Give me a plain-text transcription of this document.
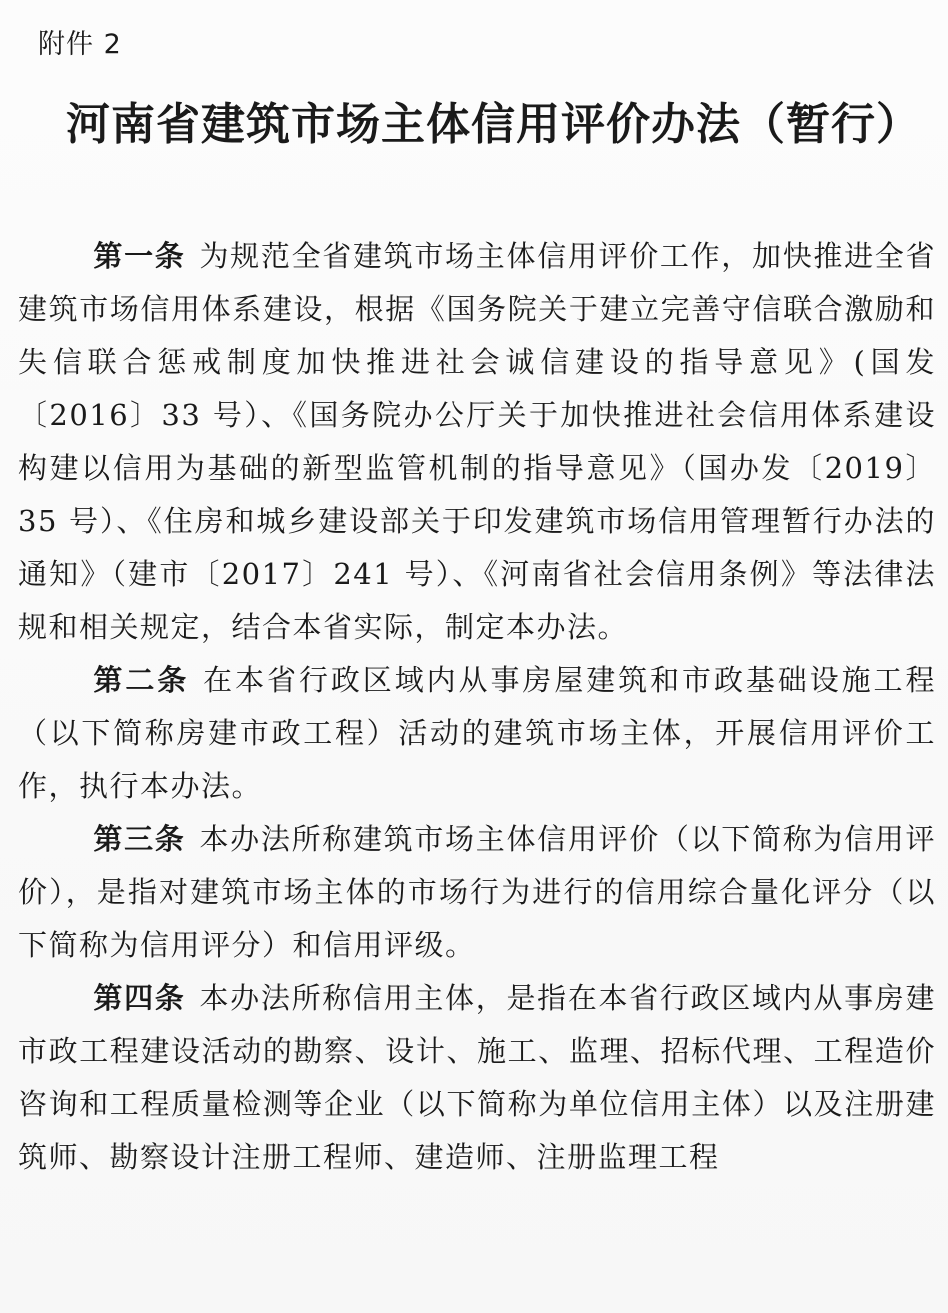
附件 2
河南省建筑市场主体信用评价办法（暂行）

第一条 为规范全省建筑市场主体信用评价工作，加快推进全省建筑市场信用体系建设，根据《国务院关于建立完善守信联合激励和失信联合惩戒制度加快推进社会诚信建设的指导意见》(国发〔2016〕33 号）、《国务院办公厅关于加快推进社会信用体系建设构建以信用为基础的新型监管机制的指导意见》（国办发〔2019〕35 号）、《住房和城乡建设部关于印发建筑市场信用管理暂行办法的通知》（建市〔2017〕241 号）、《河南省社会信用条例》等法律法规和相关规定，结合本省实际，制定本办法。

第二条 在本省行政区域内从事房屋建筑和市政基础设施工程（以下简称房建市政工程）活动的建筑市场主体，开展信用评价工作，执行本办法。

第三条 本办法所称建筑市场主体信用评价（以下简称为信用评价），是指对建筑市场主体的市场行为进行的信用综合量化评分（以下简称为信用评分）和信用评级。

第四条 本办法所称信用主体，是指在本省行政区域内从事房建市政工程建设活动的勘察、设计、施工、监理、招标代理、工程造价咨询和工程质量检测等企业（以下简称为单位信用主体）以及注册建筑师、勘察设计注册工程师、建造师、注册监理工程
